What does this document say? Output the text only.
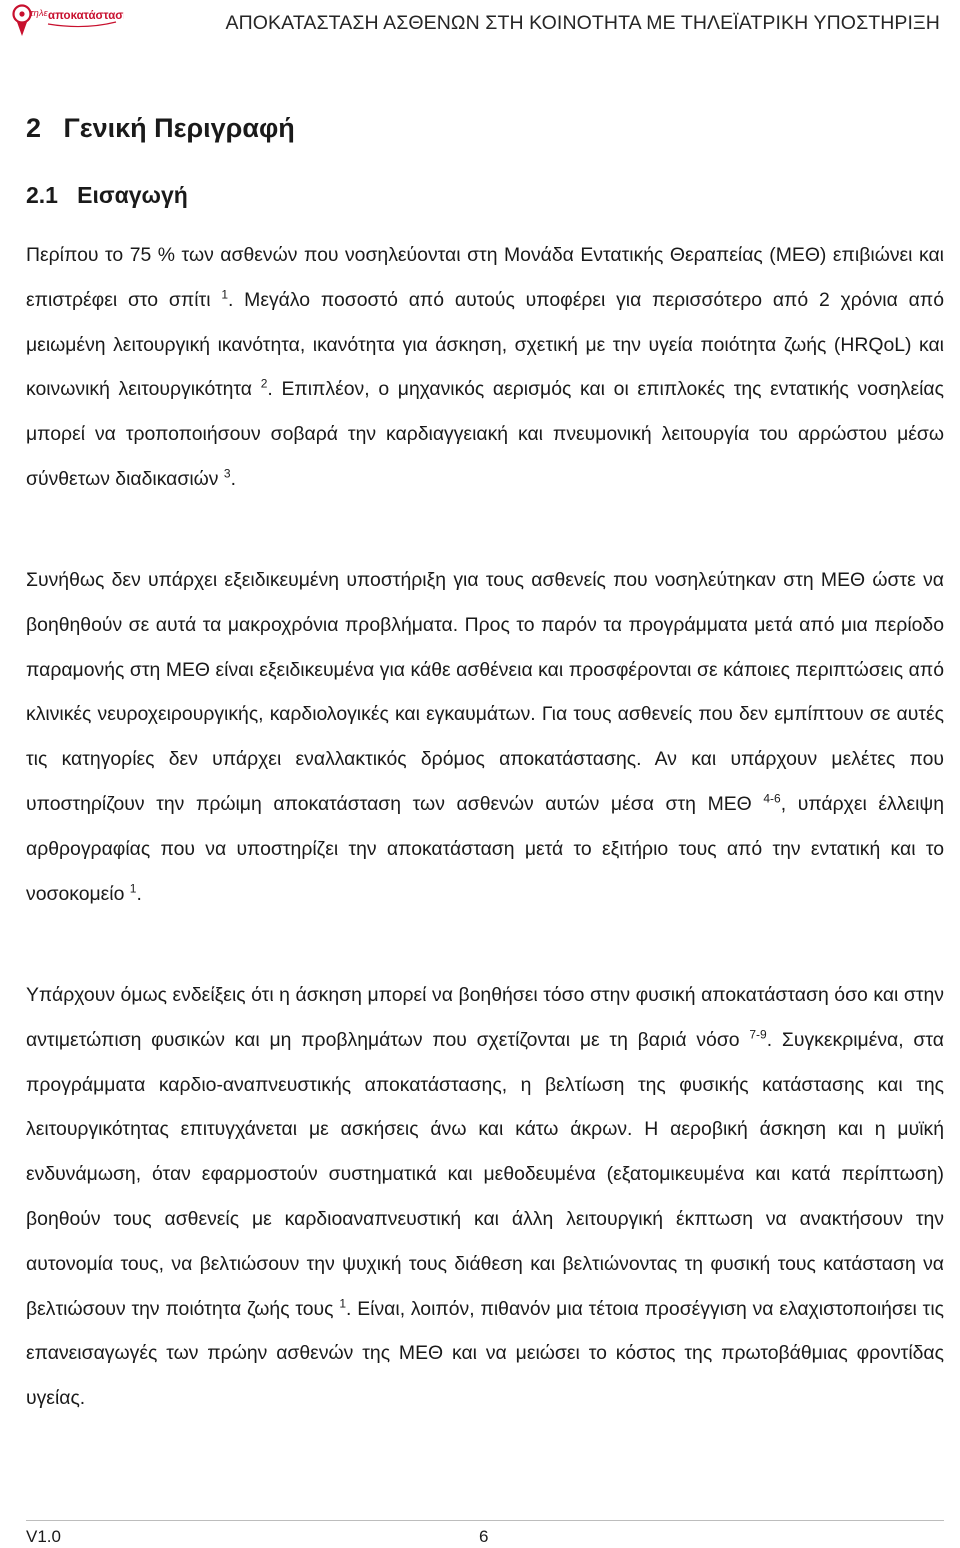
τηλε αποκατάσταση	ΑΠΟΚΑΤΑΣΤΑΣΗ ΑΣΘΕΝΩΝ ΣΤΗ ΚΟΙΝΟΤΗΤΑ ΜΕ ΤΗΛΕΪΑΤΡΙΚΗ ΥΠΟΣΤΗΡΙΞΗ
2   Γενική Περιγραφή
2.1   Εισαγωγή

Περίπου το 75 % των ασθενών που νοσηλεύονται στη Μονάδα Εντατικής Θεραπείας (ΜΕΘ) επιβιώνει και επιστρέφει στο σπίτι $^1$. Μεγάλο ποσοστό από αυτούς υποφέρει για περισσότερο από 2 χρόνια από μειωμένη λειτουργική ικανότητα, ικανότητα για άσκηση, σχετική με την υγεία ποιότητα ζωής (HRQoL) και κοινωνική λειτουργικότητα $^2$. Επιπλέον, ο μηχανικός αερισμός και οι επιπλοκές της εντατικής νοσηλείας μπορεί να τροποποιήσουν σοβαρά την καρδιαγγειακή και πνευμονική λειτουργία του αρρώστου μέσω σύνθετων διαδικασιών $^3$.

Συνήθως δεν υπάρχει εξειδικευμένη υποστήριξη για τους ασθενείς που νοσηλεύτηκαν στη ΜΕΘ ώστε να βοηθηθούν σε αυτά τα μακροχρόνια προβλήματα. Προς το παρόν τα προγράμματα μετά από μια περίοδο παραμονής στη ΜΕΘ είναι εξειδικευμένα για κάθε ασθένεια και προσφέρονται σε κάποιες περιπτώσεις από κλινικές νευροχειρουργικής, καρδιολογικές και εγκαυμάτων. Για τους ασθενείς που δεν εμπίπτουν σε αυτές τις κατηγορίες δεν υπάρχει εναλλακτικός δρόμος αποκατάστασης. Αν και υπάρχουν μελέτες που υποστηρίζουν την πρώιμη αποκατάσταση των ασθενών αυτών μέσα στη ΜΕΘ $^{4-6}$, υπάρχει έλλειψη αρθρογραφίας που να υποστηρίζει την αποκατάσταση μετά το εξιτήριο τους από την εντατική και το νοσοκομείο $^1$.

Υπάρχουν όμως ενδείξεις ότι η άσκηση μπορεί να βοηθήσει τόσο στην φυσική αποκατάσταση όσο και στην αντιμετώπιση φυσικών και μη προβλημάτων που σχετίζονται με τη βαριά νόσο $^{7-9}$. Συγκεκριμένα, στα προγράμματα καρδιο-αναπνευστικής αποκατάστασης, η βελτίωση της φυσικής κατάστασης και της λειτουργικότητας επιτυγχάνεται με ασκήσεις άνω και κάτω άκρων. Η αεροβική άσκηση και η μυϊκή ενδυνάμωση, όταν εφαρμοστούν συστηματικά και μεθοδευμένα (εξατομικευμένα και κατά περίπτωση) βοηθούν τους ασθενείς με καρδιοαναπνευστική και άλλη λειτουργική έκπτωση να ανακτήσουν την αυτονομία τους, να βελτιώσουν την ψυχική τους διάθεση και βελτιώνοντας τη φυσική τους κατάσταση να βελτιώσουν την ποιότητα ζωής τους $^1$. Είναι, λοιπόν, πιθανόν μια τέτοια προσέγγιση να ελαχιστοποιήσει τις επανεισαγωγές των πρώην ασθενών της ΜΕΘ και να μειώσει το κόστος της πρωτοβάθμιας φροντίδας υγείας.

V1.0	6
